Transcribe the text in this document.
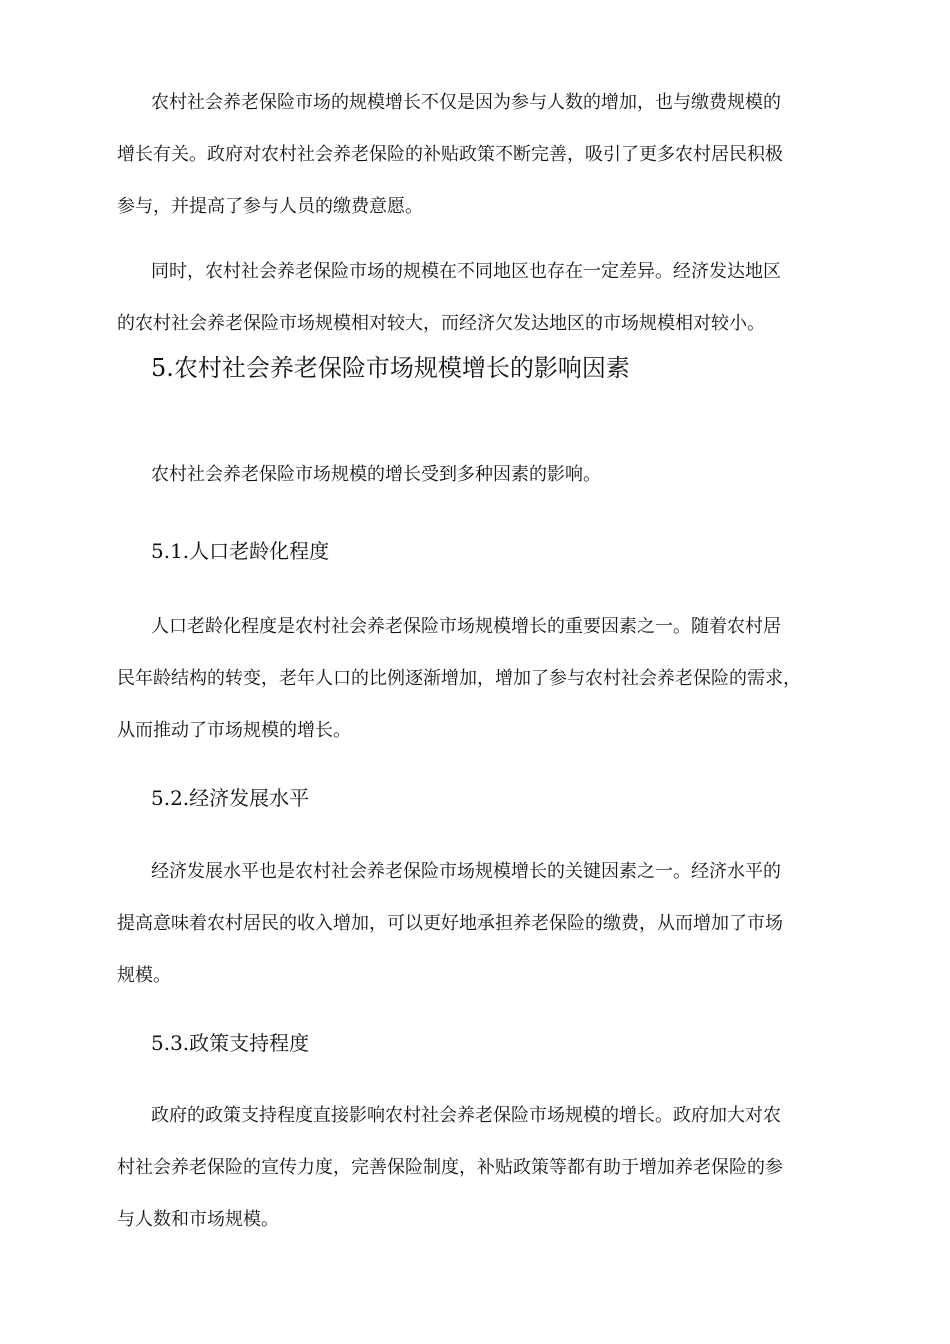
农村社会养老保险市场的规模增长不仅是因为参与人数的增加，也与缴费规模的
增长有关。政府对农村社会养老保险的补贴政策不断完善，吸引了更多农村居民积极
参与，并提高了参与人员的缴费意愿。

同时，农村社会养老保险市场的规模在不同地区也存在一定差异。经济发达地区
的农村社会养老保险市场规模相对较大，而经济欠发达地区的市场规模相对较小。

5.农村社会养老保险市场规模增长的影响因素

农村社会养老保险市场规模的增长受到多种因素的影响。

5.1.人口老龄化程度

人口老龄化程度是农村社会养老保险市场规模增长的重要因素之一。随着农村居
民年龄结构的转变，老年人口的比例逐渐增加，增加了参与农村社会养老保险的需求，
从而推动了市场规模的增长。

5.2.经济发展水平

经济发展水平也是农村社会养老保险市场规模增长的关键因素之一。经济水平的
提高意味着农村居民的收入增加，可以更好地承担养老保险的缴费，从而增加了市场
规模。

5.3.政策支持程度

政府的政策支持程度直接影响农村社会养老保险市场规模的增长。政府加大对农
村社会养老保险的宣传力度，完善保险制度，补贴政策等都有助于增加养老保险的参
与人数和市场规模。
